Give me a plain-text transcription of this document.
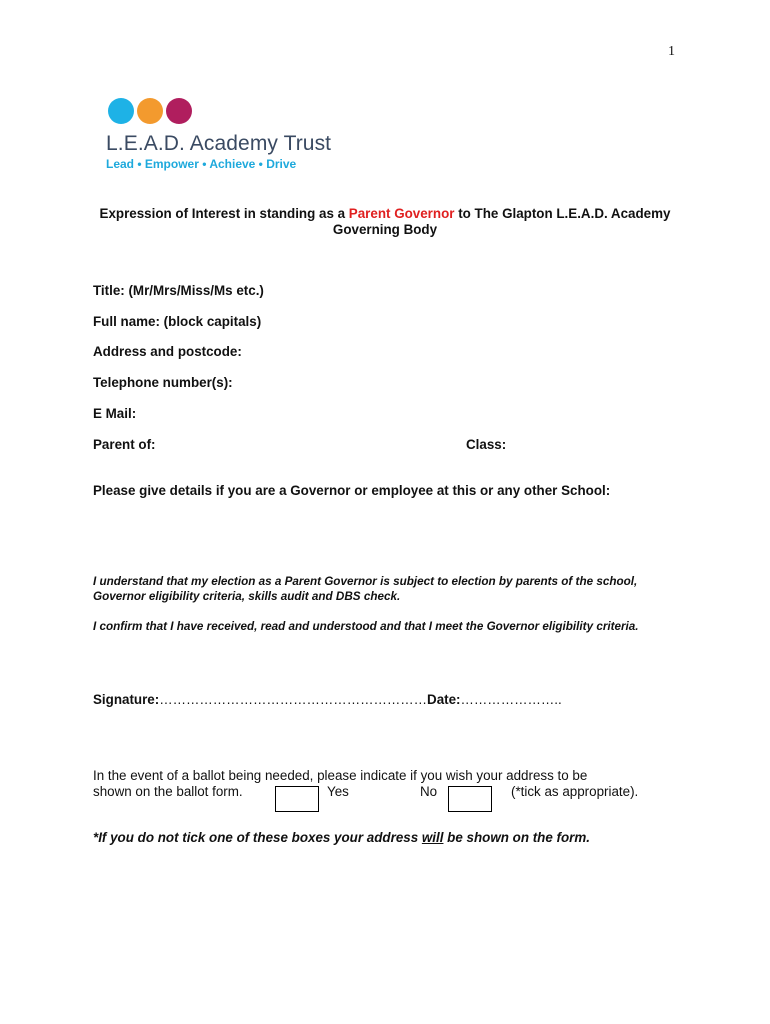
1
L.E.A.D. Academy Trust
Lead • Empower • Achieve • Drive
Expression of Interest in standing as a Parent Governor to The Glapton L.E.A.D. Academy Governing Body
Title: (Mr/Mrs/Miss/Ms etc.)
Full name: (block capitals)
Address and postcode:
Telephone number(s):
E Mail:
Parent of:	Class:
Please give details if you are a Governor or employee at this or any other School:
I understand that my election as a Parent Governor is subject to election by parents of the school, Governor eligibility criteria, skills audit and DBS check.
I confirm that I have received, read and understood and that I meet the Governor eligibility criteria.
Signature:……………………………………………………Date:…………………..
In the event of a ballot being needed, please indicate if you wish your address to be
shown on the ballot form.	Yes	No	(*tick as appropriate).
*If you do not tick one of these boxes your address will be shown on the form.
